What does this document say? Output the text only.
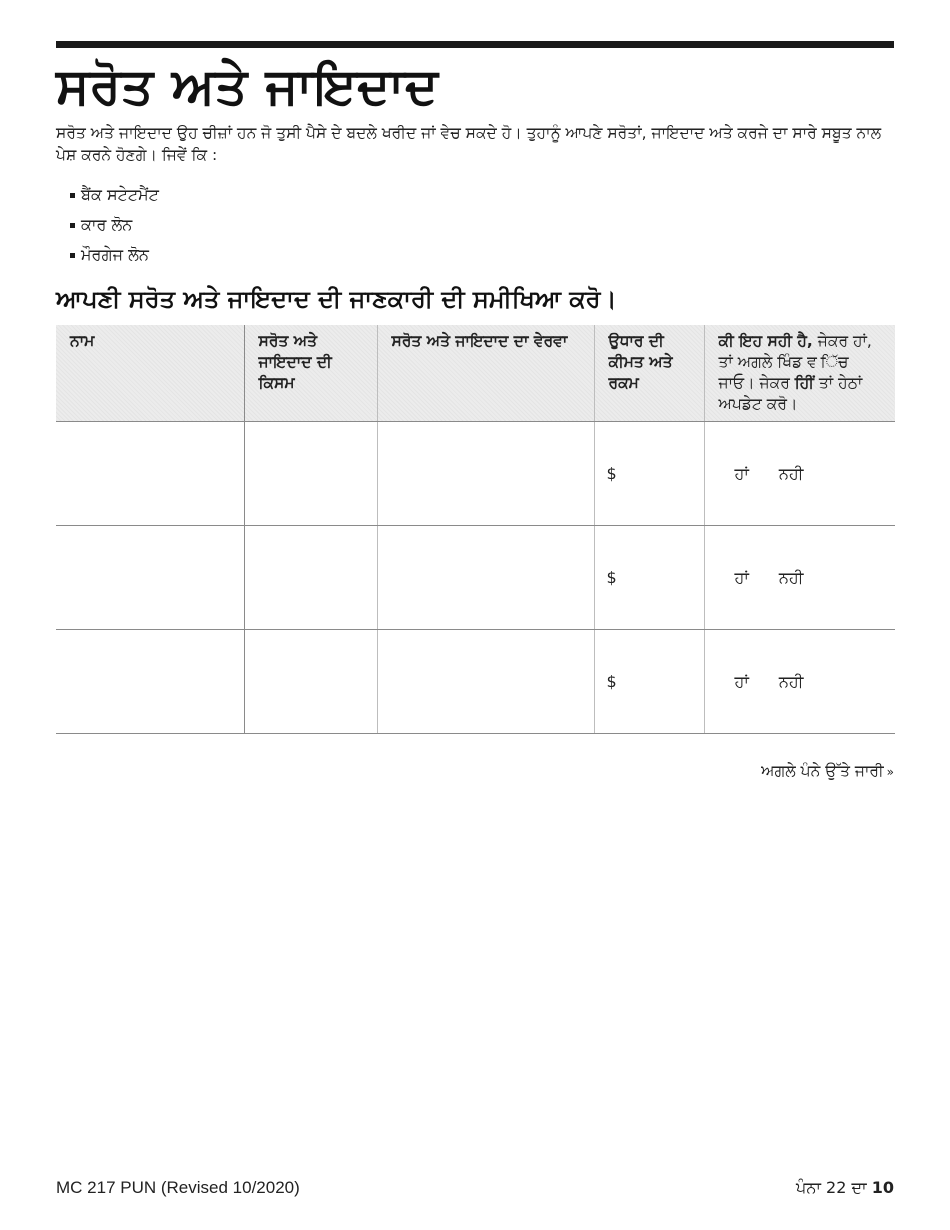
ਸਰੋਤ ਅਤੇ ਜਾਇਦਾਦ

ਸਰੋਤ ਅਤੇ ਜਾਇਦਾਦ ਉਹ ਚੀਜ਼ਾਂ ਹਨ ਜੋ ਤੁਸੀ ਪੈਸੇ ਦੇ ਬਦਲੇ ਖਰੀਦ ਜਾਂ ਵੇਚ ਸਕਦੇ ਹੋ। ਤੁਹਾਨੂੰ ਆਪਣੇ ਸਰੋਤਾਂ, ਜਾਇਦਾਦ ਅਤੇ ਕਰਜੇ ਦਾ ਸਾਰੇ ਸਬੂਤ ਨਾਲ ਪੇਸ਼ ਕਰਨੇ ਹੋਣਗੇ। ਜਿਵੇਂ ਕਿ :

ਬੈਂਕ ਸਟੇਟਮੈਂਟ
ਕਾਰ ਲੋਨ
ਮੌਰਗੇਜ ਲੋਨ
ਆਪਣੀ ਸਰੋਤ ਅਤੇ ਜਾਇਦਾਦ ਦੀ ਜਾਣਕਾਰੀ ਦੀ ਸਮੀਖਿਆ ਕਰੋ।
ਨਾਮ	ਸਰੋਤ ਅਤੇ ਜਾਇਦਾਦ ਦੀ ਕਿਸਮ	ਸਰੋਤ ਅਤੇ ਜਾਇਦਾਦ ਦਾ ਵੇਰਵਾ	ਉਧਾਰ ਦੀ ਕੀਮਤ ਅਤੇ ਰਕਮ	ਕੀ ਇਹ ਸਹੀ ਹੈ, ਜੇਕਰ ਹਾਂ, ਤਾਂ ਅਗਲੇ ਖਿੰਡ ਵ ਿੱਚ ਜਾਓ। ਜੇਕਰ ਹਿੀਂ ਤਾਂ ਹੇਠਾਂ ਅਪਡੇਟ ਕਰੋ।
			$	ਹਾਂ ਨਹੀ
			$	ਹਾਂ ਨਹੀ
			$	ਹਾਂ ਨਹੀ
ਅਗਲੇ ਪੰਨੇ ਉੱਤੇ ਜਾਰੀ »
MC 217 PUN (Revised 10/2020)	ਪੰਨਾ 22 ਦਾ 10
